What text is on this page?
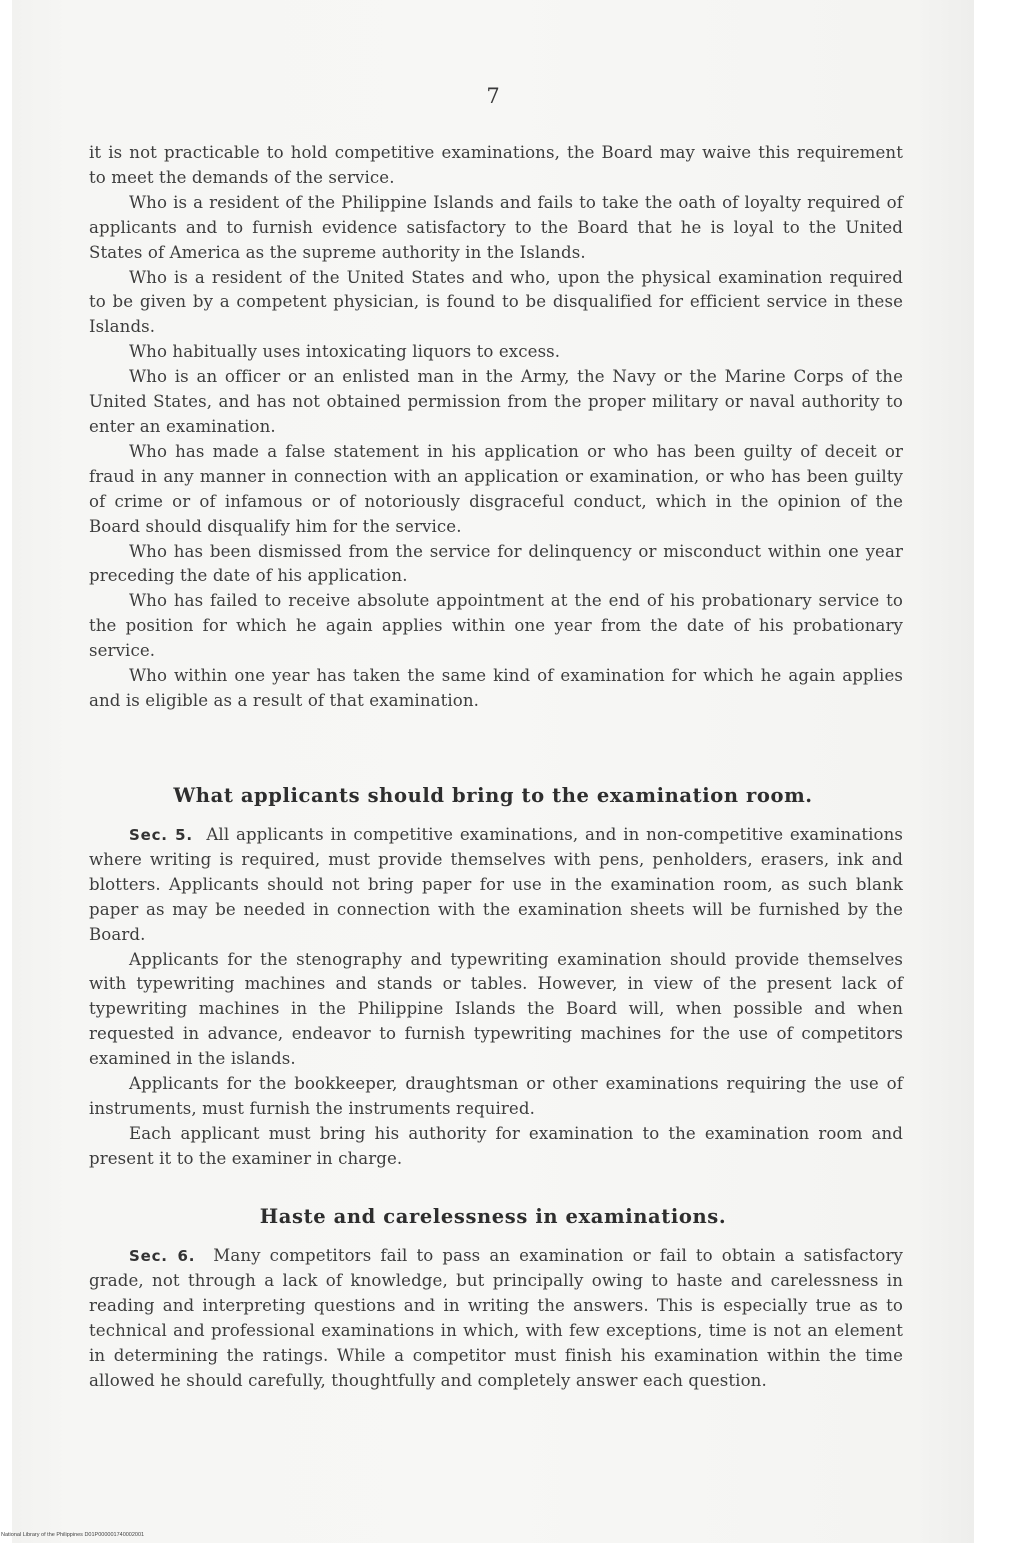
7

it is not practicable to hold competitive examinations, the Board may waive this requirement to meet the demands of the service.

Who is a resident of the Philippine Islands and fails to take the oath of loyalty required of applicants and to furnish evidence satisfactory to the Board that he is loyal to the United States of America as the supreme authority in the Islands.

Who is a resident of the United States and who, upon the physical examination required to be given by a competent physician, is found to be disqualified for efficient service in these Islands.

Who habitually uses intoxicating liquors to excess.

Who is an officer or an enlisted man in the Army, the Navy or the Marine Corps of the United States, and has not obtained permission from the proper military or naval authority to enter an examination.

Who has made a false statement in his application or who has been guilty of deceit or fraud in any manner in connection with an application or examination, or who has been guilty of crime or of infamous or of notoriously disgraceful conduct, which in the opinion of the Board should disqualify him for the service.

Who has been dismissed from the service for delinquency or misconduct within one year preceding the date of his application.

Who has failed to receive absolute appointment at the end of his probationary service to the position for which he again applies within one year from the date of his probationary service.

Who within one year has taken the same kind of examination for which he again applies and is eligible as a result of that examination.

What applicants should bring to the examination room.

Sec. 5. All applicants in competitive examinations, and in non-competitive examinations where writing is required, must provide themselves with pens, penholders, erasers, ink and blotters. Applicants should not bring paper for use in the examination room, as such blank paper as may be needed in connection with the examination sheets will be furnished by the Board.

Applicants for the stenography and typewriting examination should provide themselves with typewriting machines and stands or tables. However, in view of the present lack of typewriting machines in the Philippine Islands the Board will, when possible and when requested in advance, endeavor to furnish typewriting machines for the use of competitors examined in the islands.

Applicants for the bookkeeper, draughtsman or other examinations requiring the use of instruments, must furnish the instruments required.

Each applicant must bring his authority for examination to the examination room and present it to the examiner in charge.

Haste and carelessness in examinations.

Sec. 6. Many competitors fail to pass an examination or fail to obtain a satisfactory grade, not through a lack of knowledge, but principally owing to haste and carelessness in reading and interpreting questions and in writing the answers. This is especially true as to technical and professional examinations in which, with few exceptions, time is not an element in determining the ratings. While a competitor must finish his examination within the time allowed he should carefully, thoughtfully and completely answer each question.

National Library of the Philippines D01P000001740002001
